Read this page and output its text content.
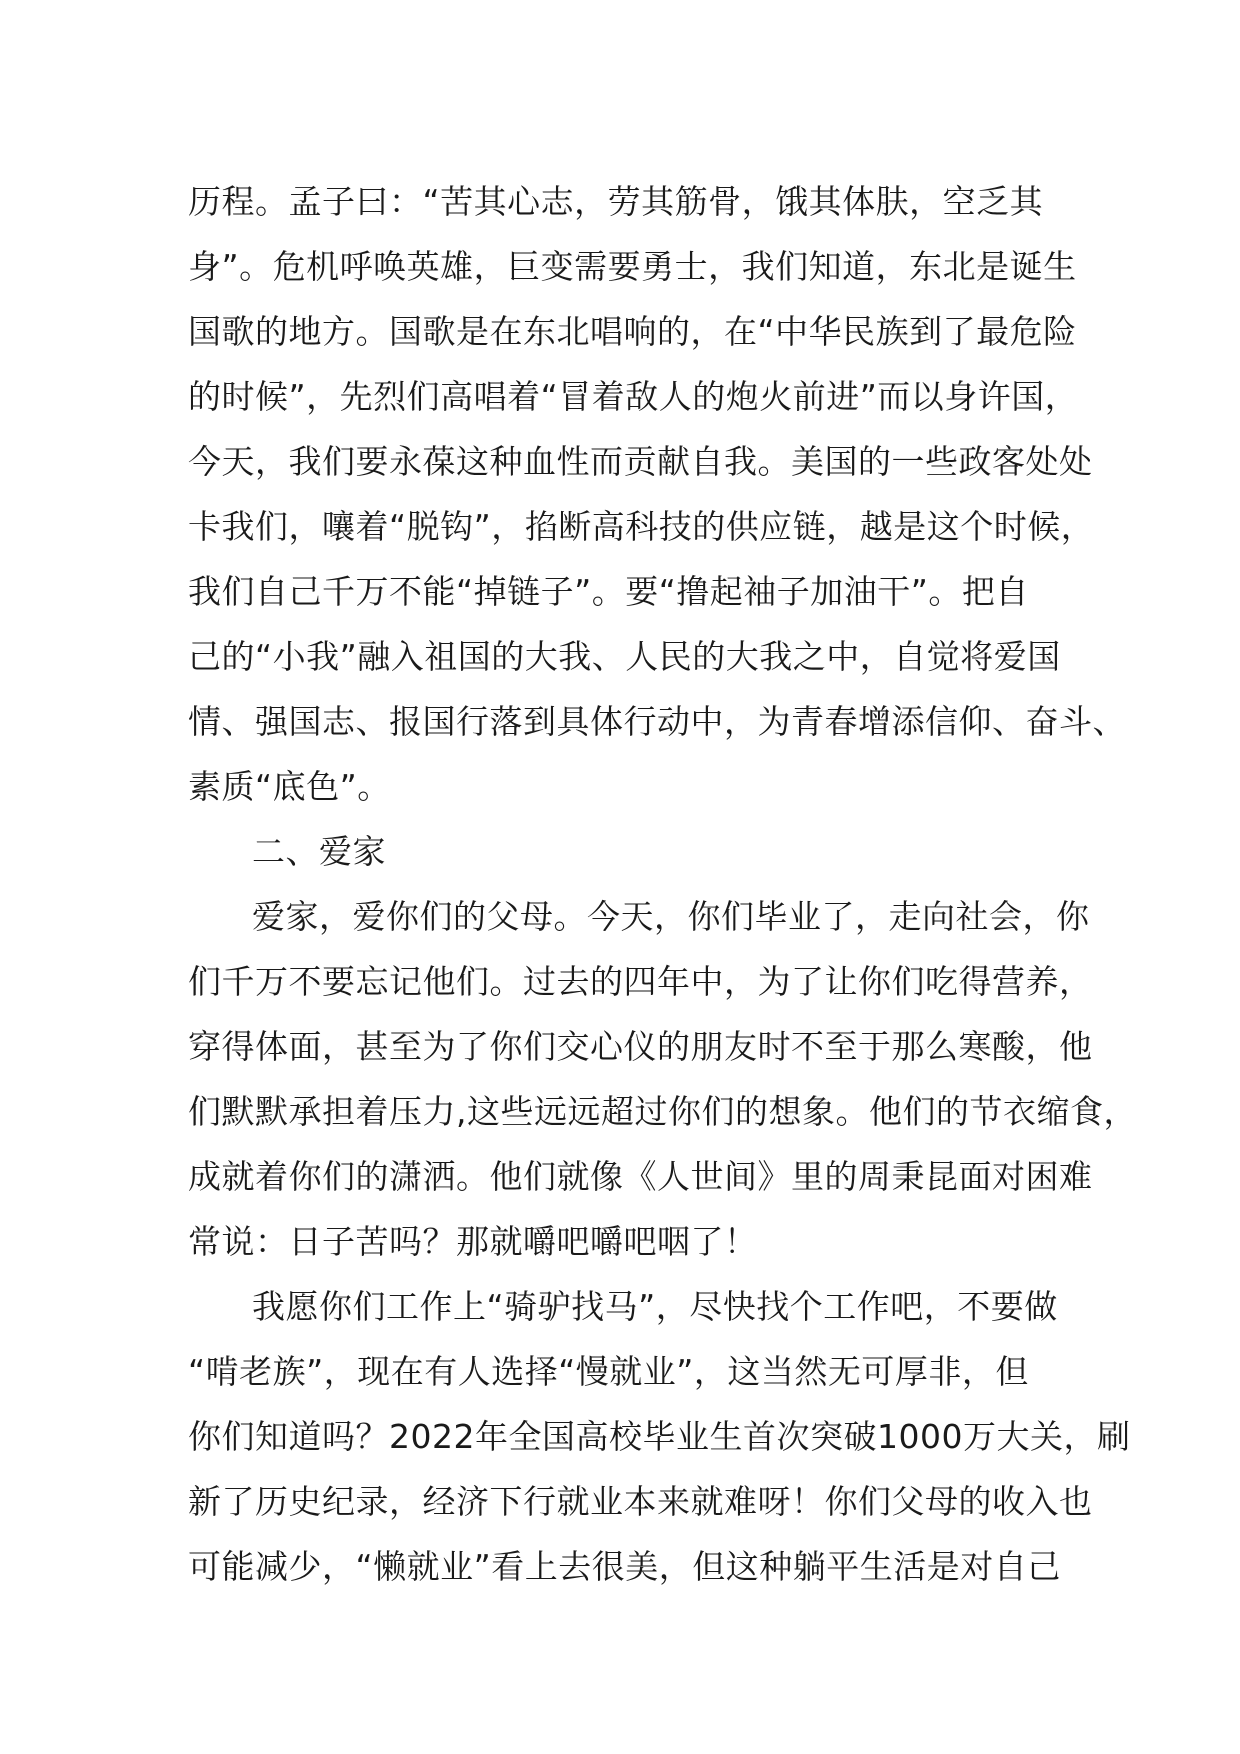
历程。孟子曰：“苦其心志，劳其筋骨，饿其体肤，空乏其
身”。危机呼唤英雄，巨变需要勇士，我们知道，东北是诞生
国歌的地方。国歌是在东北唱响的，在“中华民族到了最危险
的时候”，先烈们高唱着“冒着敌人的炮火前进”而以身许国，
今天，我们要永葆这种血性而贡献自我。美国的一些政客处处
卡我们，嚷着“脱钩”，掐断高科技的供应链，越是这个时候，
我们自己千万不能“掉链子”。要“撸起袖子加油干”。把自
己的“小我”融入祖国的大我、人民的大我之中，自觉将爱国
情、强国志、报国行落到具体行动中，为青春增添信仰、奋斗、
素质“底色”。
二、爱家
爱家，爱你们的父母。今天，你们毕业了，走向社会，你
们千万不要忘记他们。过去的四年中，为了让你们吃得营养，
穿得体面，甚至为了你们交心仪的朋友时不至于那么寒酸，他
们默默承担着压力,这些远远超过你们的想象。他们的节衣缩食，
成就着你们的潇洒。他们就像《人世间》里的周秉昆面对困难
常说：日子苦吗？那就嚼吧嚼吧咽了！
我愿你们工作上“骑驴找马”，尽快找个工作吧，不要做
“啃老族”，现在有人选择“慢就业”，这当然无可厚非，但
你们知道吗？2022年全国高校毕业生首次突破1000万大关，刷
新了历史纪录，经济下行就业本来就难呀！你们父母的收入也
可能减少，“懒就业”看上去很美，但这种躺平生活是对自己
